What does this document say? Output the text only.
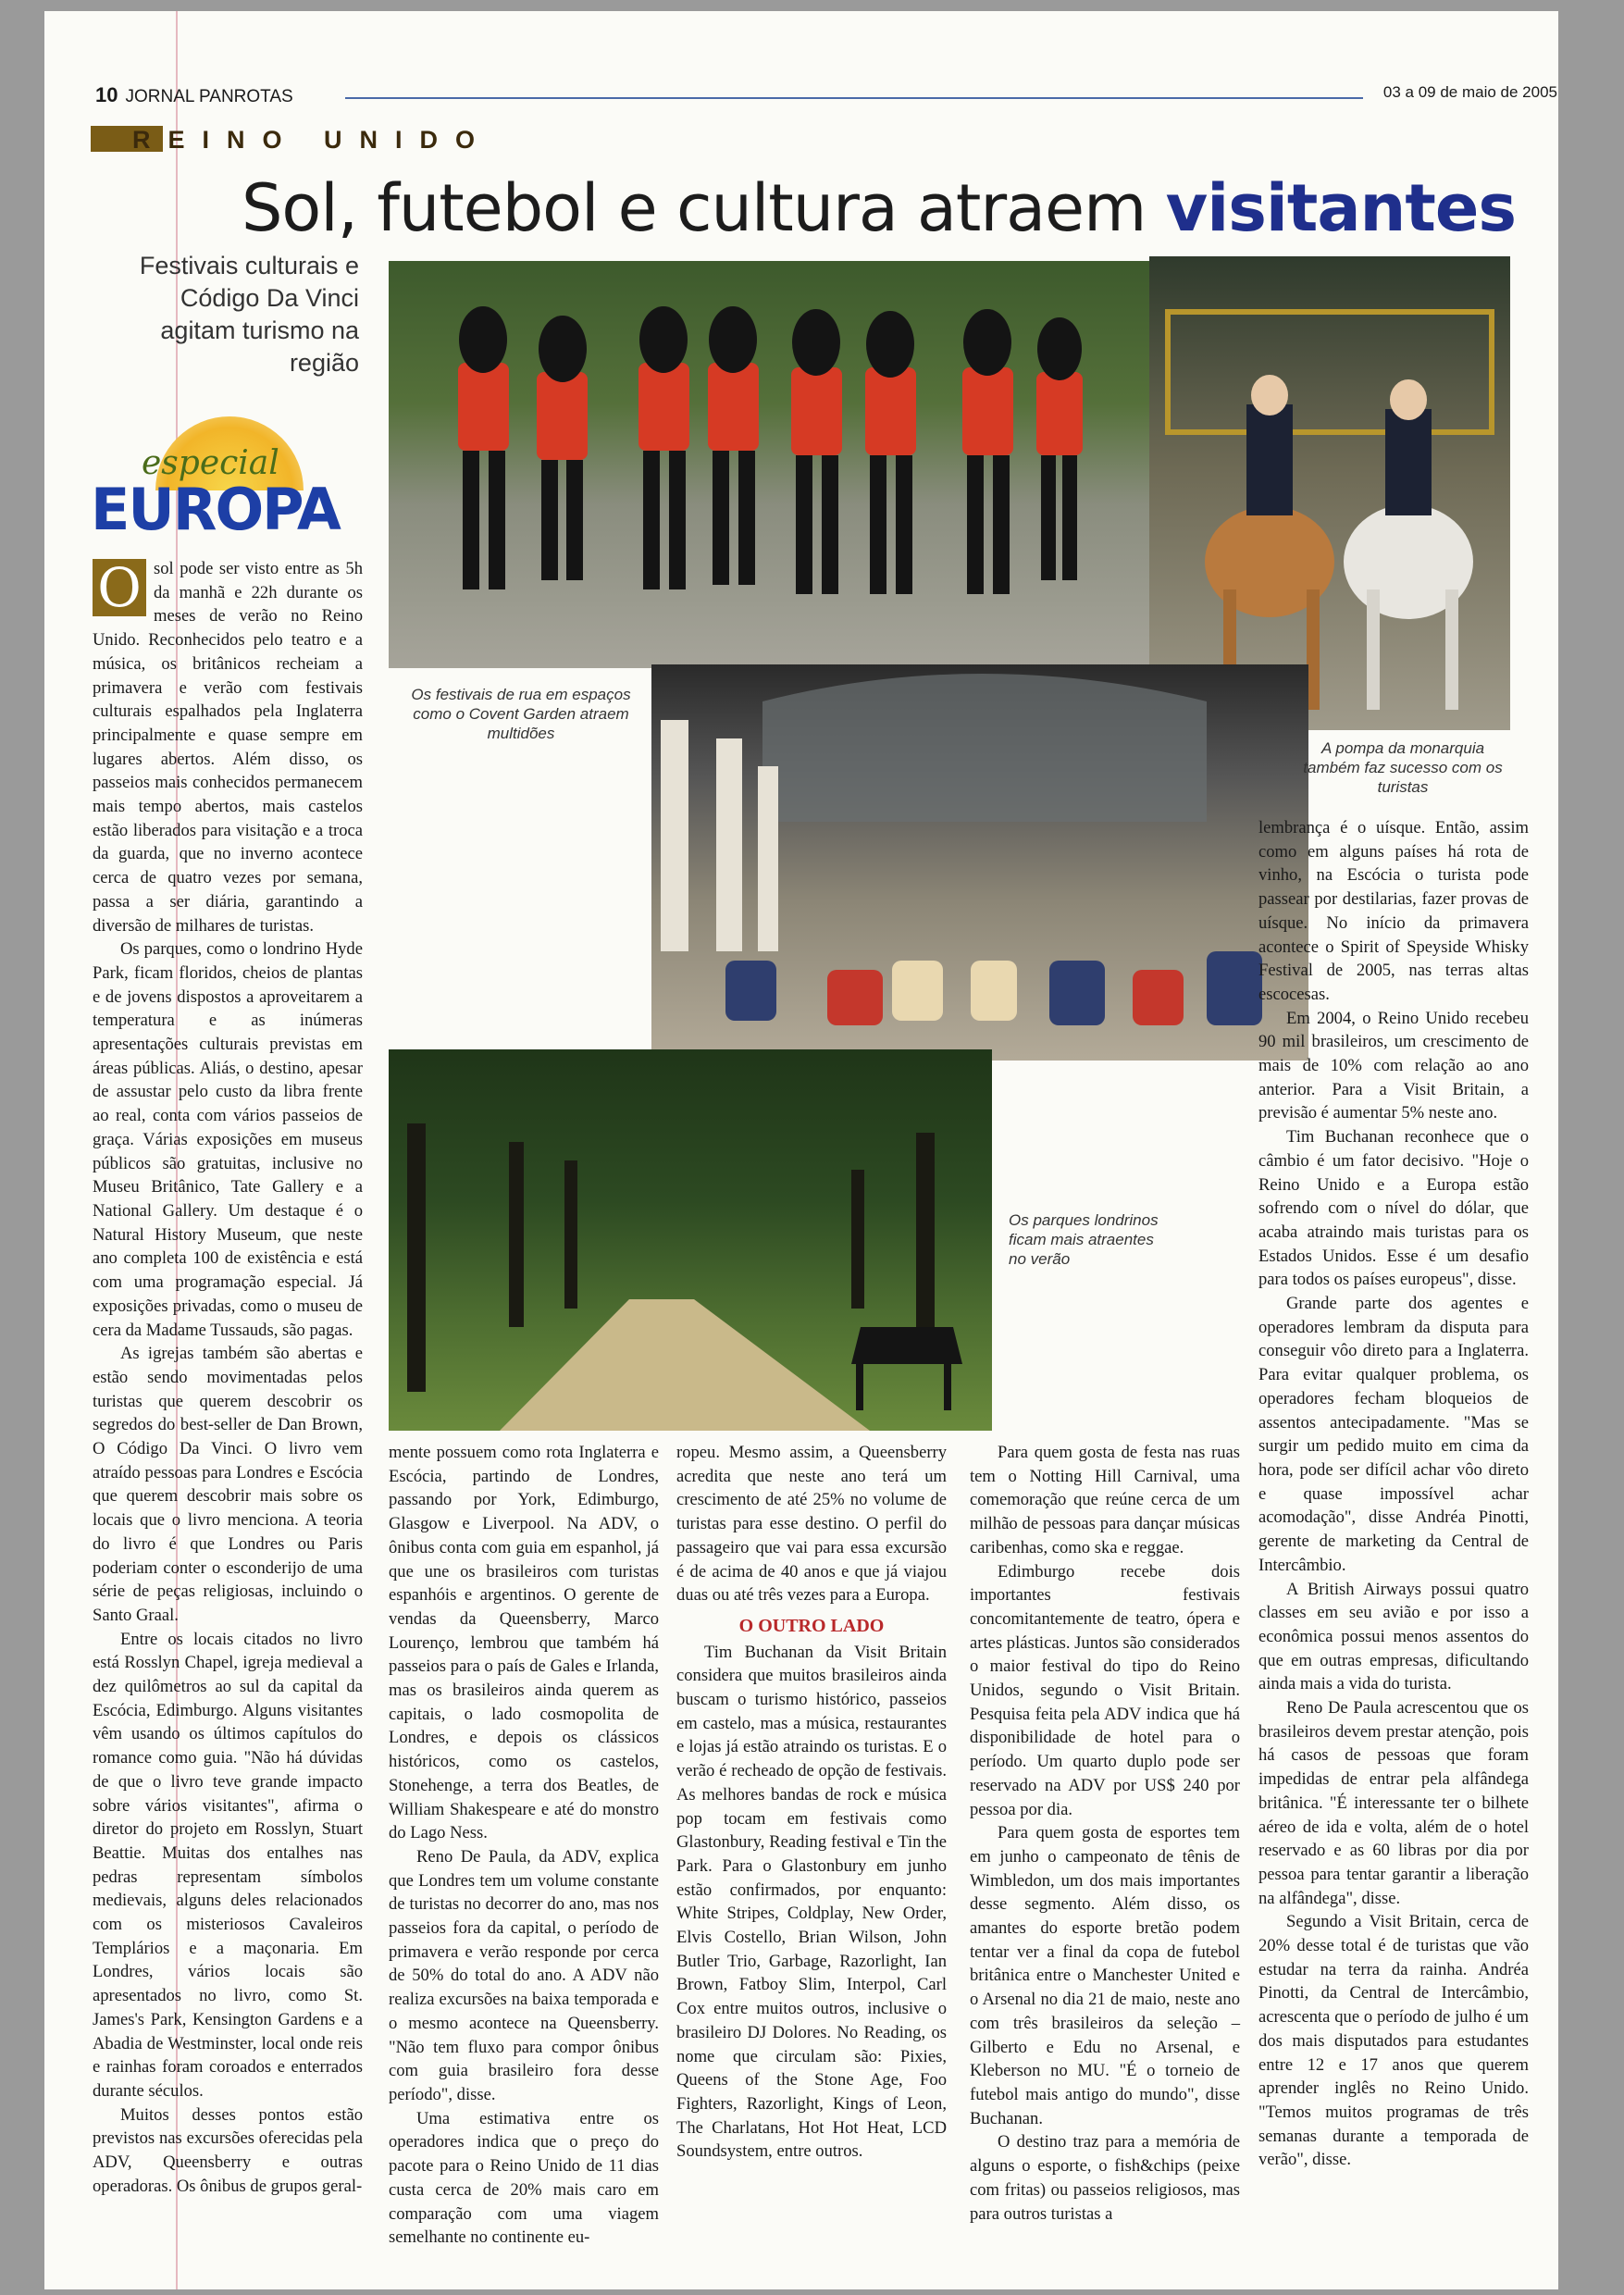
10 JORNAL PANROTAS	03 a 09 de maio de 2005
REINO UNIDO
Sol, futebol e cultura atraem visitantes
Festivais culturais e Código Da Vinci agitam turismo na região
especial
EUROPA
Os festivais de rua em espaços como o Covent Garden atraem multidões
A pompa da monarquia também faz sucesso com os turistas
Os parques londrinos ficam mais atraentes no verão

O sol pode ser visto entre as 5h da manhã e 22h durante os meses de verão no Reino Unido. Reconhecidos pelo teatro e a música, os britânicos recheiam a primavera e verão com festivais culturais espalhados pela Inglaterra principalmente e quase sempre em lugares abertos. Além disso, os passeios mais conhecidos permanecem mais tempo abertos, mais castelos estão liberados para visitação e a troca da guarda, que no inverno acontece cerca de quatro vezes por semana, passa a ser diária, garantindo a diversão de milhares de turistas.

Os parques, como o londrino Hyde Park, ficam floridos, cheios de plantas e de jovens dispostos a aproveitarem a temperatura e as inúmeras apresentações culturais previstas em áreas públicas. Aliás, o destino, apesar de assustar pelo custo da libra frente ao real, conta com vários passeios de graça. Várias exposições em museus públicos são gratuitas, inclusive no Museu Britânico, Tate Gallery e a National Gallery. Um destaque é o Natural History Museum, que neste ano completa 100 de existência e está com uma programação especial. Já exposições privadas, como o museu de cera da Madame Tussauds, são pagas.

As igrejas também são abertas e estão sendo movimentadas pelos turistas que querem descobrir os segredos do best-seller de Dan Brown, O Código Da Vinci. O livro vem atraído pessoas para Londres e Escócia que querem descobrir mais sobre os locais que o livro menciona. A teoria do livro é que Londres ou Paris poderiam conter o esconderijo de uma série de peças religiosas, incluindo o Santo Graal.

Entre os locais citados no livro está Rosslyn Chapel, igreja medieval a dez quilômetros ao sul da capital da Escócia, Edimburgo. Alguns visitantes vêm usando os últimos capítulos do romance como guia. "Não há dúvidas de que o livro teve grande impacto sobre vários visitantes", afirma o diretor do projeto em Rosslyn, Stuart Beattie. Muitas dos entalhes nas pedras representam símbolos medievais, alguns deles relacionados com os misteriosos Cavaleiros Templários e a maçonaria. Em Londres, vários locais são apresentados no livro, como St. James's Park, Kensington Gardens e a Abadia de Westminster, local onde reis e rainhas foram coroados e enterrados durante séculos.

Muitos desses pontos estão previstos nas excursões oferecidas pela ADV, Queensberry e outras operadoras. Os ônibus de grupos geral-

mente possuem como rota Inglaterra e Escócia, partindo de Londres, passando por York, Edimburgo, Glasgow e Liverpool. Na ADV, o ônibus conta com guia em espanhol, já que une os brasileiros com turistas espanhóis e argentinos. O gerente de vendas da Queensberry, Marco Lourenço, lembrou que também há passeios para o país de Gales e Irlanda, mas os brasileiros ainda querem as capitais, o lado cosmopolita de Londres, e depois os clássicos históricos, como os castelos, Stonehenge, a terra dos Beatles, de William Shakespeare e até do monstro do Lago Ness.

Reno De Paula, da ADV, explica que Londres tem um volume constante de turistas no decorrer do ano, mas nos passeios fora da capital, o período de primavera e verão responde por cerca de 50% do total do ano. A ADV não realiza excursões na baixa temporada e o mesmo acontece na Queensberry. "Não tem fluxo para compor ônibus com guia brasileiro fora desse período", disse.

Uma estimativa entre os operadores indica que o preço do pacote para o Reino Unido de 11 dias custa cerca de 20% mais caro em comparação com uma viagem semelhante no continente eu-

ropeu. Mesmo assim, a Queensberry acredita que neste ano terá um crescimento de até 25% no volume de turistas para esse destino. O perfil do passageiro que vai para essa excursão é de acima de 40 anos e que já viajou duas ou até três vezes para a Europa.

O OUTRO LADO

Tim Buchanan da Visit Britain considera que muitos brasileiros ainda buscam o turismo histórico, passeios em castelo, mas a música, restaurantes e lojas já estão atraindo os turistas. E o verão é recheado de opção de festivais. As melhores bandas de rock e música pop tocam em festivais como Glastonbury, Reading festival e Tin the Park. Para o Glastonbury em junho estão confirmados, por enquanto: White Stripes, Coldplay, New Order, Elvis Costello, Brian Wilson, John Butler Trio, Garbage, Razorlight, Ian Brown, Fatboy Slim, Interpol, Carl Cox entre muitos outros, inclusive o brasileiro DJ Dolores. No Reading, os nome que circulam são: Pixies, Queens of the Stone Age, Foo Fighters, Razorlight, Kings of Leon, The Charlatans, Hot Hot Heat, LCD Soundsystem, entre outros.

Para quem gosta de festa nas ruas tem o Notting Hill Carnival, uma comemoração que reúne cerca de um milhão de pessoas para dançar músicas caribenhas, como ska e reggae.

Edimburgo recebe dois importantes festivais concomitantemente de teatro, ópera e artes plásticas. Juntos são considerados o maior festival do tipo do Reino Unidos, segundo o Visit Britain. Pesquisa feita pela ADV indica que há disponibilidade de hotel para o período. Um quarto duplo pode ser reservado na ADV por US$ 240 por pessoa por dia.

Para quem gosta de esportes tem em junho o campeonato de tênis de Wimbledon, um dos mais importantes desse segmento. Além disso, os amantes do esporte bretão podem tentar ver a final da copa de futebol britânica entre o Manchester United e o Arsenal no dia 21 de maio, neste ano com três brasileiros da seleção – Gilberto e Edu no Arsenal, e Kleberson no MU. "É o torneio de futebol mais antigo do mundo", disse Buchanan.

O destino traz para a memória de alguns o esporte, o fish&chips (peixe com fritas) ou passeios religiosos, mas para outros turistas a

lembrança é o uísque. Então, assim como em alguns países há rota de vinho, na Escócia o turista pode passear por destilarias, fazer provas de uísque. No início da primavera acontece o Spirit of Speyside Whisky Festival de 2005, nas terras altas escocesas.

Em 2004, o Reino Unido recebeu 90 mil brasileiros, um crescimento de mais de 10% com relação ao ano anterior. Para a Visit Britain, a previsão é aumentar 5% neste ano.

Tim Buchanan reconhece que o câmbio é um fator decisivo. "Hoje o Reino Unido e a Europa estão sofrendo com o nível do dólar, que acaba atraindo mais turistas para os Estados Unidos. Esse é um desafio para todos os países europeus", disse.

Grande parte dos agentes e operadores lembram da disputa para conseguir vôo direto para a Inglaterra. Para evitar qualquer problema, os operadores fecham bloqueios de assentos antecipadamente. "Mas se surgir um pedido muito em cima da hora, pode ser difícil achar vôo direto e quase impossível achar acomodação", disse Andréa Pinotti, gerente de marketing da Central de Intercâmbio.

A British Airways possui quatro classes em seu avião e por isso a econômica possui menos assentos do que em outras empresas, dificultando ainda mais a vida do turista.

Reno De Paula acrescentou que os brasileiros devem prestar atenção, pois há casos de pessoas que foram impedidas de entrar pela alfândega britânica. "É interessante ter o bilhete aéreo de ida e volta, além de o hotel reservado e as 60 libras por dia por pessoa para tentar garantir a liberação na alfândega", disse.

Segundo a Visit Britain, cerca de 20% desse total é de turistas que vão estudar na terra da rainha. Andréa Pinotti, da Central de Intercâmbio, acrescenta que o período de julho é um dos mais disputados para estudantes entre 12 e 17 anos que querem aprender inglês no Reino Unido. "Temos muitos programas de três semanas durante a temporada de verão", disse.
